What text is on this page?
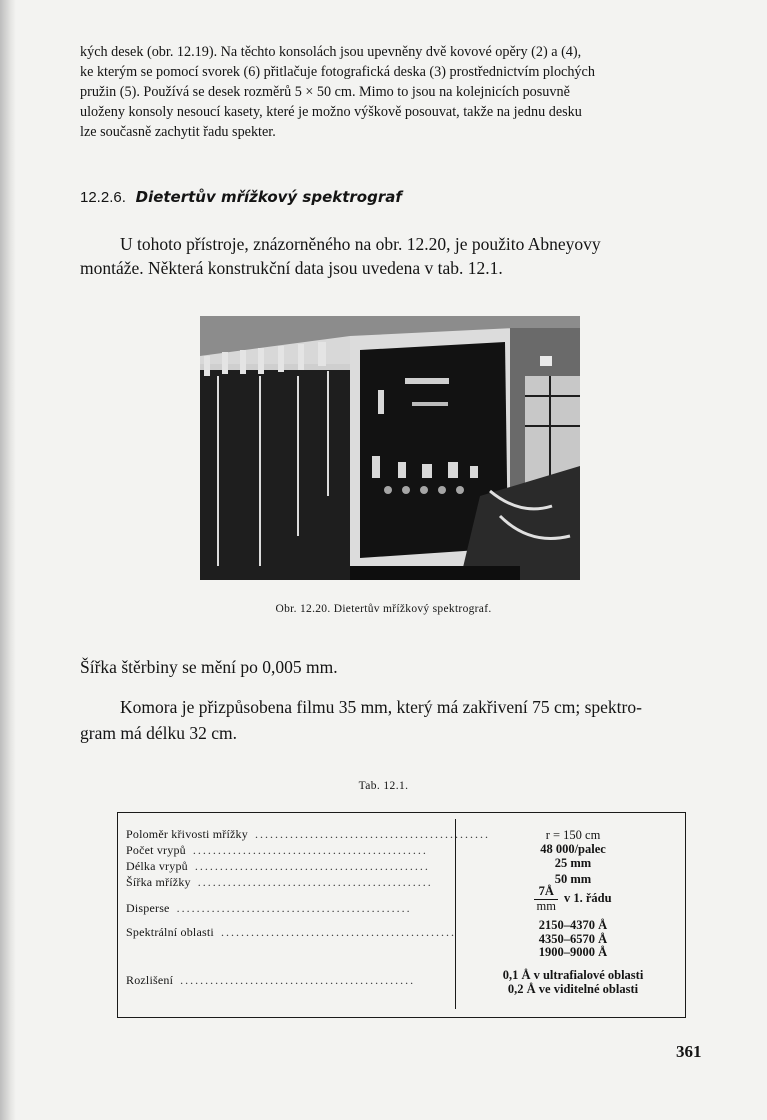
kých desek (obr. 12.19). Na těchto konsolách jsou upevněny dvě kovové opěry (2) a (4),
ke kterým se pomocí svorek (6) přitlačuje fotografická deska (3) prostřednictvím plochých
pružin (5). Používá se desek rozměrů 5 × 50 cm. Mimo to jsou na kolejnicích posuvně
uloženy konsoly nesoucí kasety, které je možno výškově posouvat, takže na jednu desku
lze současně zachytit řadu spekter.
12.2.6. Dietertův mřížkový spektrograf
U tohoto přístroje, znázorněného na obr. 12.20, je použito Abneyovy
montáže. Některá konstrukční data jsou uvedena v tab. 12.1.
Obr. 12.20. Dietertův mřížkový spektrograf.
Šířka štěrbiny se mění po 0,005 mm.
Komora je přizpůsobena filmu 35 mm, který má zakřivení 75 cm; spektro-
gram má délku 32 cm.
Tab. 12.1.
Poloměr křivosti mřížky ...............................................
Počet vrypů ...............................................
Délka vrypů ...............................................
Šířka mřížky ...............................................
Disperse ...............................................
Spektrální oblasti ...............................................
Rozlišení ...............................................
r = 150 cm
48 000/palec
25 mm
50 mm
$\frac{7Å}{mm}$ v 1. řádu
2150–4370 Å
4350–6570 Å
1900–9000 Å
0,1 Å v ultrafialové oblasti
0,2 Å ve viditelné oblasti
361
